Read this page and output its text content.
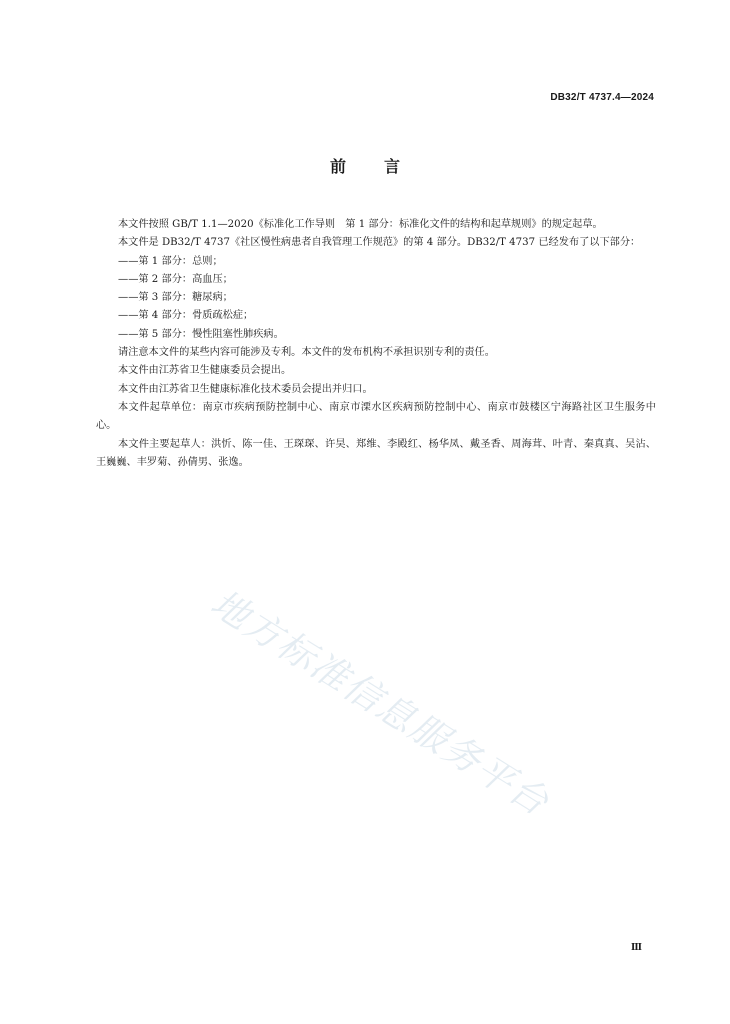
DB32/T 4737.4—2024
前言

本文件按照 GB/T 1.1—2020《标准化工作导则　第 1 部分：标准化文件的结构和起草规则》的规定起草。

本文件是 DB32/T 4737《社区慢性病患者自我管理工作规范》的第 4 部分。DB32/T 4737 已经发布了以下部分：

——第 1 部分：总则；

——第 2 部分：高血压；

——第 3 部分：糖尿病；

——第 4 部分：骨质疏松症；

——第 5 部分：慢性阻塞性肺疾病。

请注意本文件的某些内容可能涉及专利。本文件的发布机构不承担识别专利的责任。

本文件由江苏省卫生健康委员会提出。

本文件由江苏省卫生健康标准化技术委员会提出并归口。

本文件起草单位：南京市疾病预防控制中心、南京市溧水区疾病预防控制中心、南京市鼓楼区宁海路社区卫生服务中心。

本文件主要起草人：洪忻、陈一佳、王琛琛、许昊、郑维、李殿红、杨华凤、戴圣香、周海茸、叶青、秦真真、吴沾、王巍巍、丰罗菊、孙倩男、张逸。

地方标准信息服务平台
Ⅲ
